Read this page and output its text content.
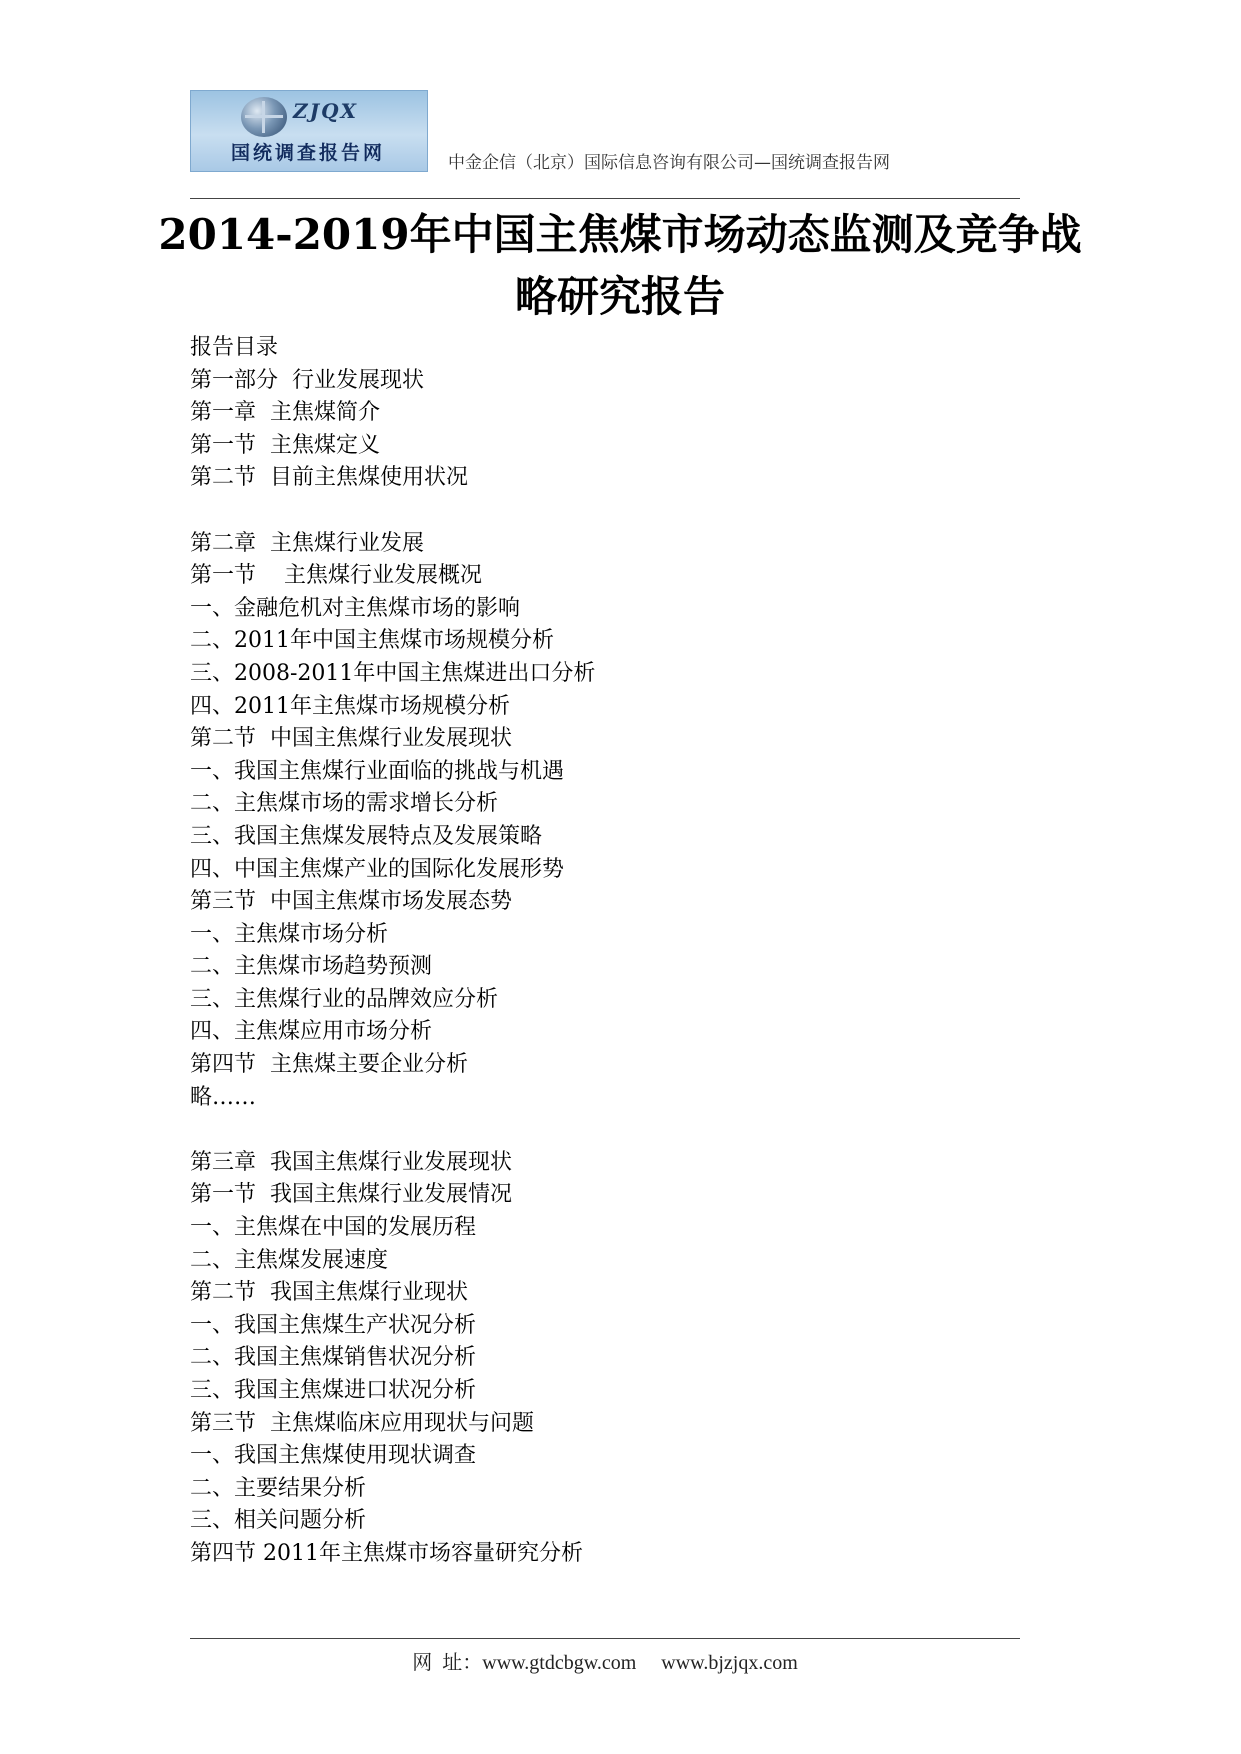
ZJQX
国统调查报告网	中金企信（北京）国际信息咨询有限公司—国统调查报告网
2014-2019年中国主焦煤市场动态监测及竞争战略研究报告
报告目录
第一部分  行业发展现状
第一章  主焦煤简介
第一节  主焦煤定义
第二节  目前主焦煤使用状况
第二章  主焦煤行业发展
第一节    主焦煤行业发展概况
一、金融危机对主焦煤市场的影响
二、2011年中国主焦煤市场规模分析
三、2008-2011年中国主焦煤进出口分析
四、2011年主焦煤市场规模分析
第二节  中国主焦煤行业发展现状
一、我国主焦煤行业面临的挑战与机遇
二、主焦煤市场的需求增长分析
三、我国主焦煤发展特点及发展策略
四、中国主焦煤产业的国际化发展形势
第三节  中国主焦煤市场发展态势
一、主焦煤市场分析
二、主焦煤市场趋势预测
三、主焦煤行业的品牌效应分析
四、主焦煤应用市场分析
第四节  主焦煤主要企业分析
略……
第三章  我国主焦煤行业发展现状
第一节  我国主焦煤行业发展情况
一、主焦煤在中国的发展历程
二、主焦煤发展速度
第二节  我国主焦煤行业现状
一、我国主焦煤生产状况分析
二、我国主焦煤销售状况分析
三、我国主焦煤进口状况分析
第三节  主焦煤临床应用现状与问题
一、我国主焦煤使用现状调查
二、主要结果分析
三、相关问题分析
第四节 2011年主焦煤市场容量研究分析
网  址：www.gtdcbgw.com     www.bjzjqx.com
